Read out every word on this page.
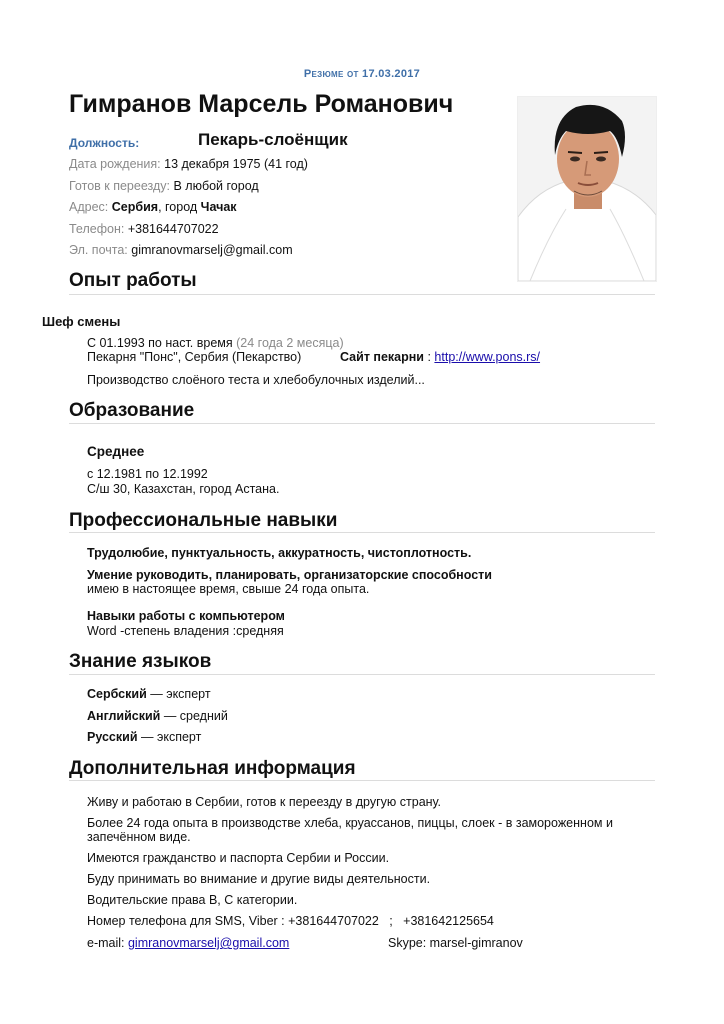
Резюме от 17.03.2017
Гимранов Марсель Романович
Должность:	Пекарь-слоёнщик
Дата рождения: 13 декабря 1975 (41 год)
Готов к переезду: В любой город
Адрес: Сербия, город Чачак
Телефон: +381644707022
Эл. почта: gimranovmarselj@gmail.com
Опыт работы
Шеф смены
С 01.1993 по наст. время (24 года 2 месяца)
Пекарня "Понс", Сербия (Пекарство)	Сайт пекарни : http://www.pons.rs/
Производство слоёного теста и хлебобулочных изделий...
Образование
Среднее
с 12.1981 по 12.1992
С/ш 30, Казахстан, город Астана.
Профессиональные навыки
Трудолюбие, пунктуальность, аккуратность, чистоплотность.
Умение руководить, планировать, организаторские способности
имею в настоящее время, свыше 24 года опыта.
Навыки работы с компьютером
Word -степень владения :средняя
Знание языков
Сербский — эксперт
Английский — средний
Русский — эксперт
Дополнительная информация
Живу и работаю в Сербии, готов к переезду в другую страну.
Более 24 года опыта в производстве хлеба, круассанов, пиццы, слоек - в замороженном и
запечённом виде.
Имеются гражданство и паспорта Сербии и России.
Буду принимать во внимание и другие виды деятельности.
Водительские права B, C категории.
Номер телефона для SMS, Viber : +381644707022   ;   +381642125654
e-mail: gimranovmarselj@gmail.com	Skype: marsel-gimranov
